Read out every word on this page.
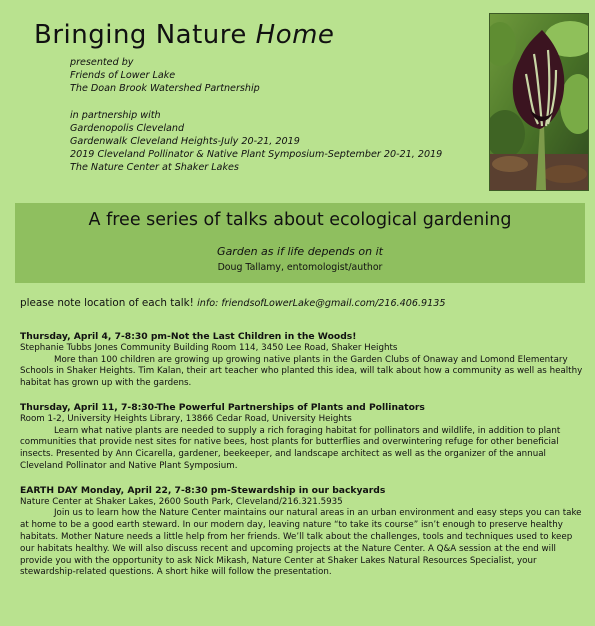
Bringing Nature Home
presented by
Friends of Lower Lake
The Doan Brook Watershed Partnership
in partnership with
Gardenopolis Cleveland
Gardenwalk Cleveland Heights-July 20-21, 2019
2019 Cleveland Pollinator & Native Plant Symposium-September 20-21, 2019
The Nature Center at Shaker Lakes
A free series of talks about ecological gardening
Garden as if life depends on it
Doug Tallamy, entomologist/author
please note location of each talk! info: friendsofLowerLake@gmail.com/216.406.9135
Thursday, April 4, 7-8:30 pm-Not the Last Children in the Woods!
Stephanie Tubbs Jones Community Building Room 114, 3450 Lee Road, Shaker Heights

More than 100 children are growing up growing native plants in the Garden Clubs of Onaway and Lomond Elementary Schools in Shaker Heights. Tim Kalan, their art teacher who planted this idea, will talk about how a community as well as healthy habitat has grown up with the gardens.

Thursday, April 11, 7-8:30-The Powerful Partnerships of Plants and Pollinators
Room 1-2, University Heights Library, 13866 Cedar Road, University Heights

Learn what native plants are needed to supply a rich foraging habitat for pollinators and wildlife, in addition to plant communities that provide nest sites for native bees, host plants for butterflies and overwintering refuge for other beneficial insects. Presented by Ann Cicarella, gardener, beekeeper, and landscape architect as well as the organizer of the annual Cleveland Pollinator and Native Plant Symposium.

EARTH DAY Monday, April 22, 7-8:30 pm-Stewardship in our backyards
Nature Center at Shaker Lakes, 2600 South Park, Cleveland/216.321.5935

Join us to learn how the Nature Center maintains our natural areas in an urban environment and easy steps you can take at home to be a good earth steward. In our modern day, leaving nature “to take its course” isn’t enough to preserve healthy habitats. Mother Nature needs a little help from her friends. We’ll talk about the challenges, tools and techniques used to keep our habitats healthy. We will also discuss recent and upcoming projects at the Nature Center. A Q&A session at the end will provide you with the opportunity to ask Nick Mikash, Nature Center at Shaker Lakes Natural Resources Specialist, your stewardship-related questions. A short hike will follow the presentation.
